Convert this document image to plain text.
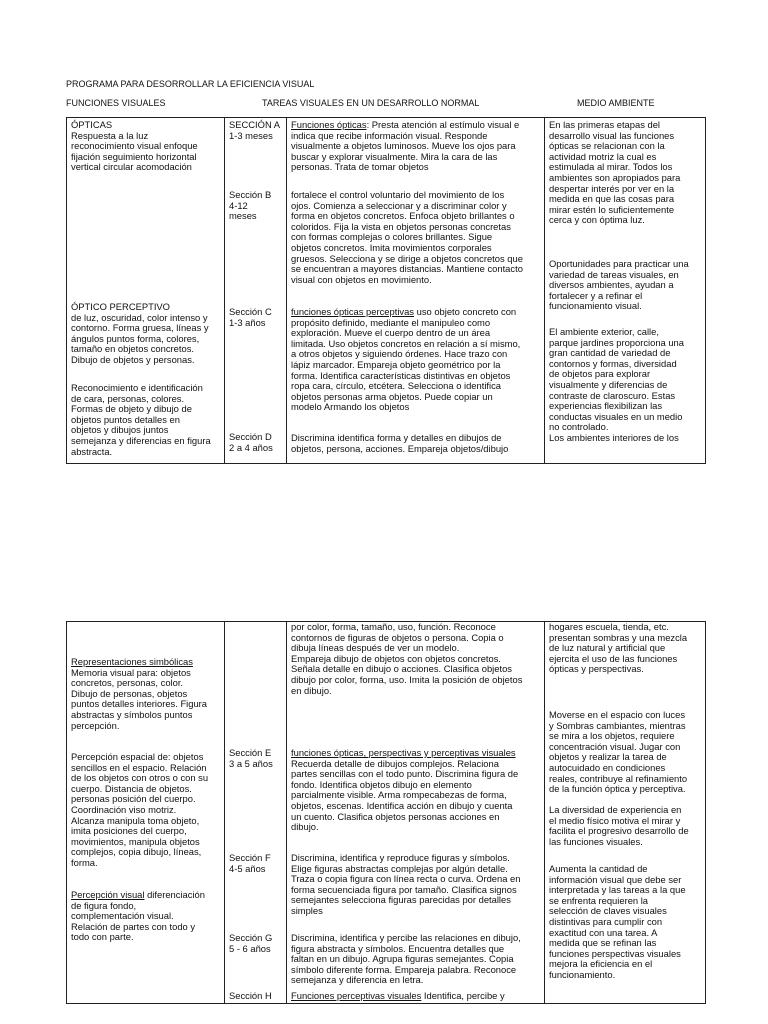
PROGRAMA PARA DESORROLLAR LA EFICIENCIA VISUAL
FUNCIONES VISUALES	TAREAS VISUALES EN UN DESARROLLO NORMAL	MEDIO AMBIENTE
ÓPTICAS
Respuesta a la luz
reconocimiento visual enfoque
fijación seguimiento horizontal
vertical circular acomodación
ÓPTICO PERCEPTIVO
de luz, oscuridad, color intenso y
contorno. Forma gruesa, líneas y
ángulos puntos forma, colores,
tamaño en objetos concretos.
Dibujo de objetos y personas.
Reconocimiento e identificación
de cara, personas, colores.
Formas de objeto y dibujo de
objetos puntos detalles en
objetos y dibujos juntos
semejanza y diferencias en figura
abstracta.
SECCIÓN A
1-3 meses
Sección B
4-12
meses
Sección C
1-3 años
Sección D
2 a 4 años
Funciones ópticas: Presta atención al estímulo visual e
indica que recibe información visual. Responde
visualmente a objetos luminosos. Mueve los ojos para
buscar y explorar visualmente. Mira la cara de las
personas. Trata de tomar objetos
fortalece el control voluntario del movimiento de los
ojos. Comienza a seleccionar y a discriminar color y
forma en objetos concretos. Enfoca objeto brillantes o
coloridos. Fija la vista en objetos personas concretas
con formas complejas o colores brillantes. Sigue
objetos concretos. Imita movimientos corporales
gruesos. Selecciona y se dirige a objetos concretos que
se encuentran a mayores distancias. Mantiene contacto
visual con objetos en movimiento.
funciones ópticas perceptivas uso objeto concreto con
propósito definido, mediante el manipuleo como
exploración. Mueve el cuerpo dentro de un área
limitada. Uso objetos concretos en relación a sí mismo,
a otros objetos y siguiendo órdenes. Hace trazo con
lápiz marcador. Empareja objeto geométrico por la
forma. Identifica características distintivas en objetos
ropa cara, círculo, etcétera. Selecciona o identifica
objetos personas arma objetos. Puede copiar un
modelo Armando los objetos
Discrimina identifica forma y detalles en dibujos de
objetos, persona, acciones. Empareja objetos/dibujo
En las primeras etapas del
desarrollo visual las funciones
ópticas se relacionan con la
actividad motriz la cual es
estimulada al mirar. Todos los
ambientes son apropiados para
despertar interés por ver en la
medida en que las cosas para
mirar estén lo suficientemente
cerca y con óptima luz.
Oportunidades para practicar una
variedad de tareas visuales, en
diversos ambientes, ayudan a
fortalecer y a refinar el
funcionamiento visual.
El ambiente exterior, calle,
parque jardines proporciona una
gran cantidad de variedad de
contornos y formas, diversidad
de objetos para explorar
visualmente y diferencias de
contraste de claroscuro. Estas
experiencias flexibilizan las
conductas visuales en un medio
no controlado.
Los ambientes interiores de los
Representaciones simbólicas
Memoria visual para: objetos
concretos, personas, color.
Dibujo de personas, objetos
puntos detalles interiores. Figura
abstractas y símbolos puntos
percepción.
Percepción espacial de: objetos
sencillos en el espacio. Relación
de los objetos con otros o con su
cuerpo. Distancia de objetos.
personas posición del cuerpo.
Coordinación viso motriz.
Alcanza manipula toma objeto,
imita posiciones del cuerpo,
movimientos, manipula objetos
complejos, copia dibujo, líneas,
forma.
Percepción visual diferenciación
de figura fondo,
complementación visual.
Relación de partes con todo y
todo con parte.
Sección E
3 a 5 años
Sección F
4-5 años
Sección G
5 - 6 años
Sección H
por color, forma, tamaño, uso, función. Reconoce
contornos de figuras de objetos o persona. Copia o
dibuja líneas después de ver un modelo.
Empareja dibujo de objetos con objetos concretos.
Señala detalle en dibujo o acciones. Clasifica objetos
dibujo por color, forma, uso. Imita la posición de objetos
en dibujo.
funciones ópticas, perspectivas y perceptivas visuales
Recuerda detalle de dibujos complejos. Relaciona
partes sencillas con el todo punto. Discrimina figura de
fondo. Identifica objetos dibujo en elemento
parcialmente visible. Arma rompecabezas de forma,
objetos, escenas. Identifica acción en dibujo y cuenta
un cuento. Clasifica objetos personas acciones en
dibujo.
Discrimina, identifica y reproduce figuras y símbolos.
Elige figuras abstractas complejas por algún detalle.
Traza o copia figura con línea recta o curva. Ordena en
forma secuenciada figura por tamaño. Clasifica signos
semejantes selecciona figuras parecidas por detalles
simples
Discrimina, identifica y percibe las relaciones en dibujo,
figura abstracta y símbolos. Encuentra detalles que
faltan en un dibujo. Agrupa figuras semejantes. Copia
símbolo diferente forma. Empareja palabra. Reconoce
semejanza y diferencia en letra.
Funciones perceptivas visuales Identifica, percibe y
hogares escuela, tienda, etc.
presentan sombras y una mezcla
de luz natural y artificial que
ejercita el uso de las funciones
ópticas y perspectivas.
Moverse en el espacio con luces
y Sombras cambiantes, mientras
se mira a los objetos, requiere
concentración visual. Jugar con
objetos y realizar la tarea de
autocuidado en condiciones
reales, contribuye al refinamiento
de la función óptica y perceptiva.
La diversidad de experiencia en
el medio físico motiva el mirar y
facilita el progresivo desarrollo de
las funciones visuales.
Aumenta la cantidad de
información visual que debe ser
interpretada y las tareas a la que
se enfrenta requieren la
selección de claves visuales
distintivas para cumplir con
exactitud con una tarea. A
medida que se refinan las
funciones perspectivas visuales
mejora la eficiencia en el
funcionamiento.
